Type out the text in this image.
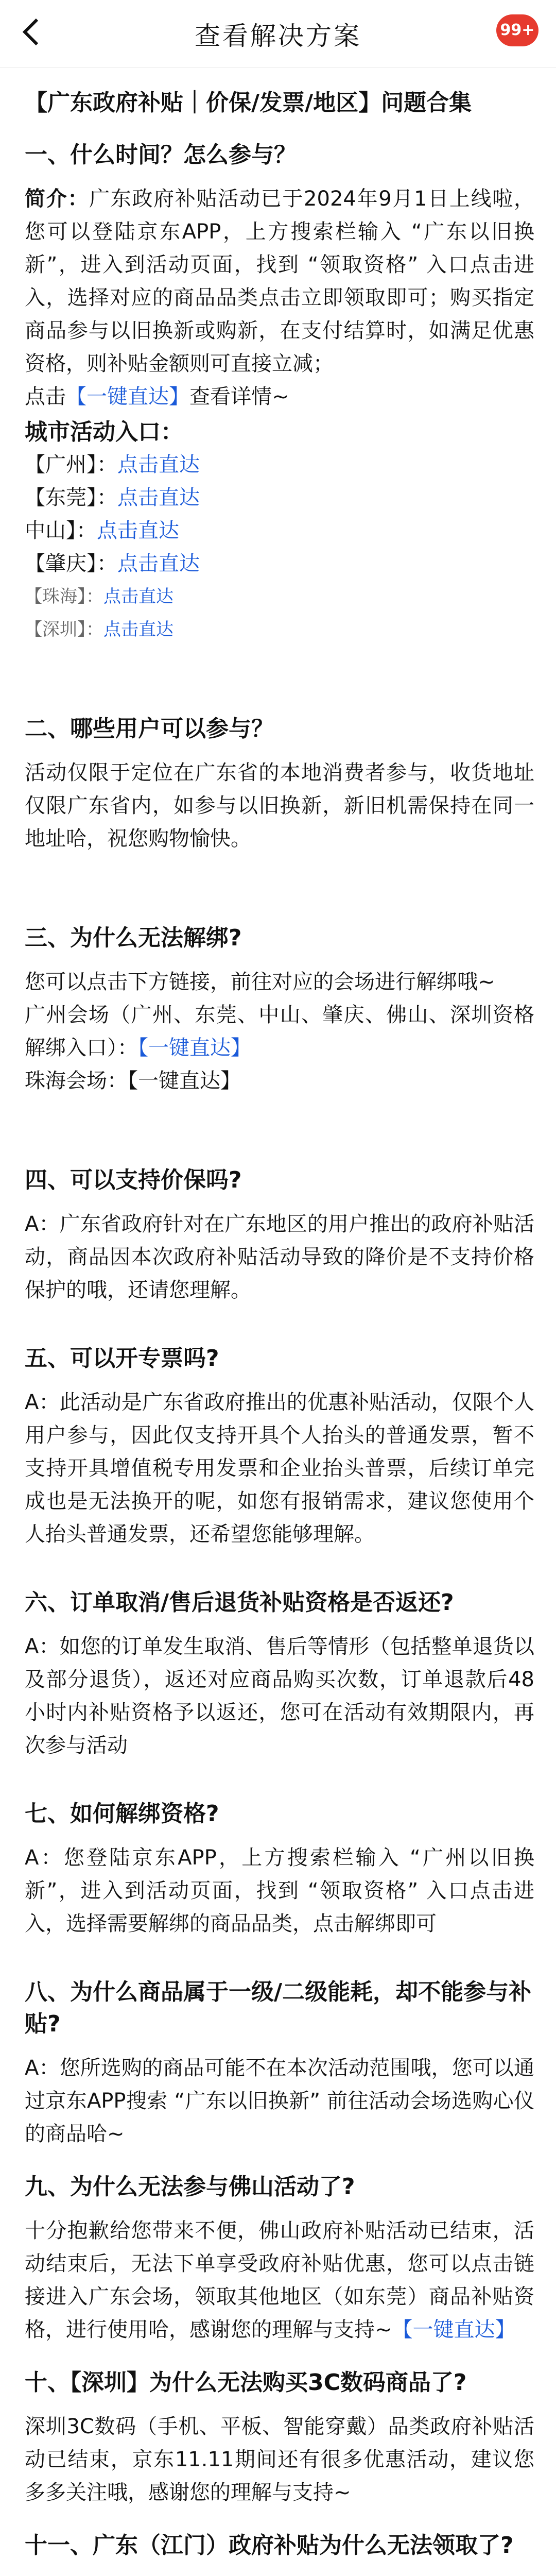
查看解决方案	99+
【广东政府补贴｜价保/发票/地区】问题合集
一、什么时间？怎么参与？
简介：广东政府补贴活动已于2024年9月1日上线啦，您可以登陆京东APP，上方搜索栏输入 “广东以旧换新”，进入到活动页面，找到 “领取资格” 入口点击进入，选择对应的商品品类点击立即领取即可；购买指定商品参与以旧换新或购新，在支付结算时，如满足优惠资格，则补贴金额则可直接立减；
点击【一键直达】查看详情~
城市活动入口：
【广州】：点击直达
【东莞】：点击直达
中山】：点击直达
【肇庆】：点击直达
【珠海】：点击直达
【深圳】：点击直达
二、哪些用户可以参与？
活动仅限于定位在广东省的本地消费者参与，收货地址仅限广东省内，如参与以旧换新，新旧机需保持在同一地址哈，祝您购物愉快。
三、为什么无法解绑?
您可以点击下方链接，前往对应的会场进行解绑哦~
广州会场（广州、东莞、中山、肇庆、佛山、深圳资格解绑入口）：【一键直达】
珠海会场：【一键直达】
四、可以支持价保吗?
A：广东省政府针对在广东地区的用户推出的政府补贴活动，商品因本次政府补贴活动导致的降价是不支持价格保护的哦，还请您理解。
五、可以开专票吗?
A：此活动是广东省政府推出的优惠补贴活动，仅限个人用户参与，因此仅支持开具个人抬头的普通发票，暂不支持开具增值税专用发票和企业抬头普票，后续订单完成也是无法换开的呢，如您有报销需求，建议您使用个人抬头普通发票，还希望您能够理解。
六、订单取消/售后退货补贴资格是否返还?
A：如您的订单发生取消、售后等情形（包括整单退货以及部分退货），返还对应商品购买次数，订单退款后48小时内补贴资格予以返还，您可在活动有效期限内，再次参与活动
七、如何解绑资格?
A：您登陆京东APP，上方搜索栏输入 “广州以旧换新”，进入到活动页面，找到 “领取资格” 入口点击进入，选择需要解绑的商品品类，点击解绑即可
八、为什么商品属于一级/二级能耗，却不能参与补贴?
A：您所选购的商品可能不在本次活动范围哦，您可以通过京东APP搜索 “广东以旧换新” 前往活动会场选购心仪的商品哈~
九、为什么无法参与佛山活动了?
十分抱歉给您带来不便，佛山政府补贴活动已结束，活动结束后，无法下单享受政府补贴优惠，您可以点击链接进入广东会场，领取其他地区（如东莞）商品补贴资格，进行使用哈，感谢您的理解与支持~【一键直达】
十、【深圳】为什么无法购买3C数码商品了?
深圳3C数码（手机、平板、智能穿戴）品类政府补贴活动已结束，京东11.11期间还有很多优惠活动，建议您多多关注哦，感谢您的理解与支持~
十一、广东（江门）政府补贴为什么无法领取了?
